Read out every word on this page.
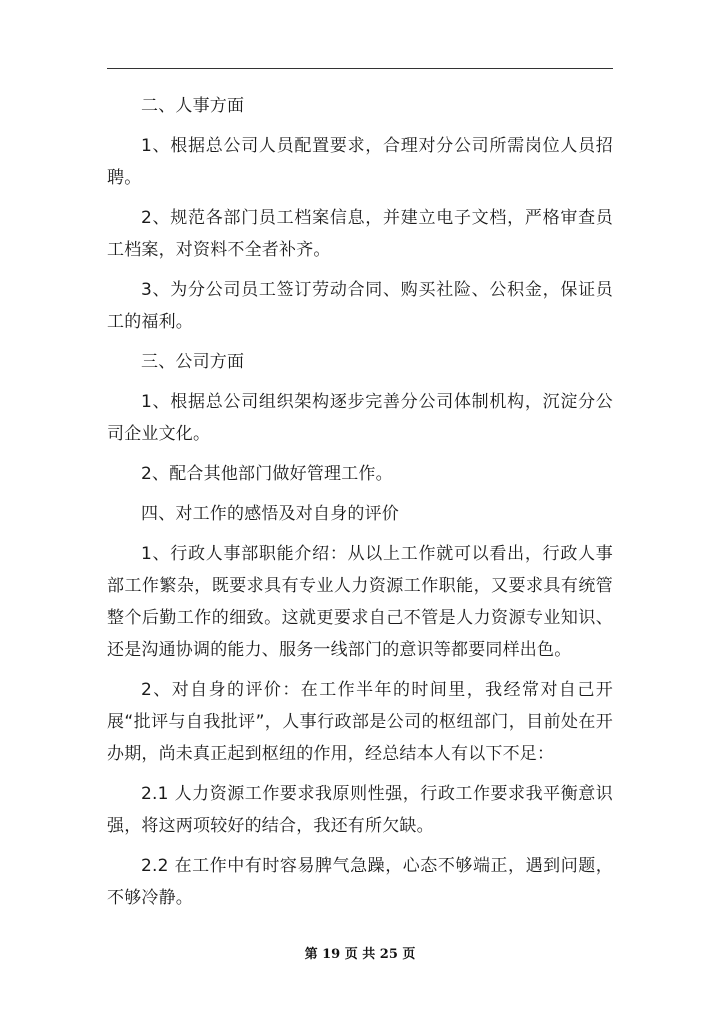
二、人事方面

1、根据总公司人员配置要求，合理对分公司所需岗位人员招聘。

2、规范各部门员工档案信息，并建立电子文档，严格审查员工档案，对资料不全者补齐。

3、为分公司员工签订劳动合同、购买社险、公积金，保证员工的福利。

三、公司方面

1、根据总公司组织架构逐步完善分公司体制机构，沉淀分公司企业文化。

2、配合其他部门做好管理工作。

四、对工作的感悟及对自身的评价

1、行政人事部职能介绍：从以上工作就可以看出，行政人事部工作繁杂，既要求具有专业人力资源工作职能，又要求具有统管整个后勤工作的细致。这就更要求自己不管是人力资源专业知识、还是沟通协调的能力、服务一线部门的意识等都要同样出色。

2、对自身的评价：在工作半年的时间里，我经常对自己开展“批评与自我批评”，人事行政部是公司的枢纽部门，目前处在开办期，尚未真正起到枢纽的作用，经总结本人有以下不足：

2.1 人力资源工作要求我原则性强，行政工作要求我平衡意识强，将这两项较好的结合，我还有所欠缺。

2.2 在工作中有时容易脾气急躁，心态不够端正，遇到问题，不够冷静。

第 19 页 共 25 页
